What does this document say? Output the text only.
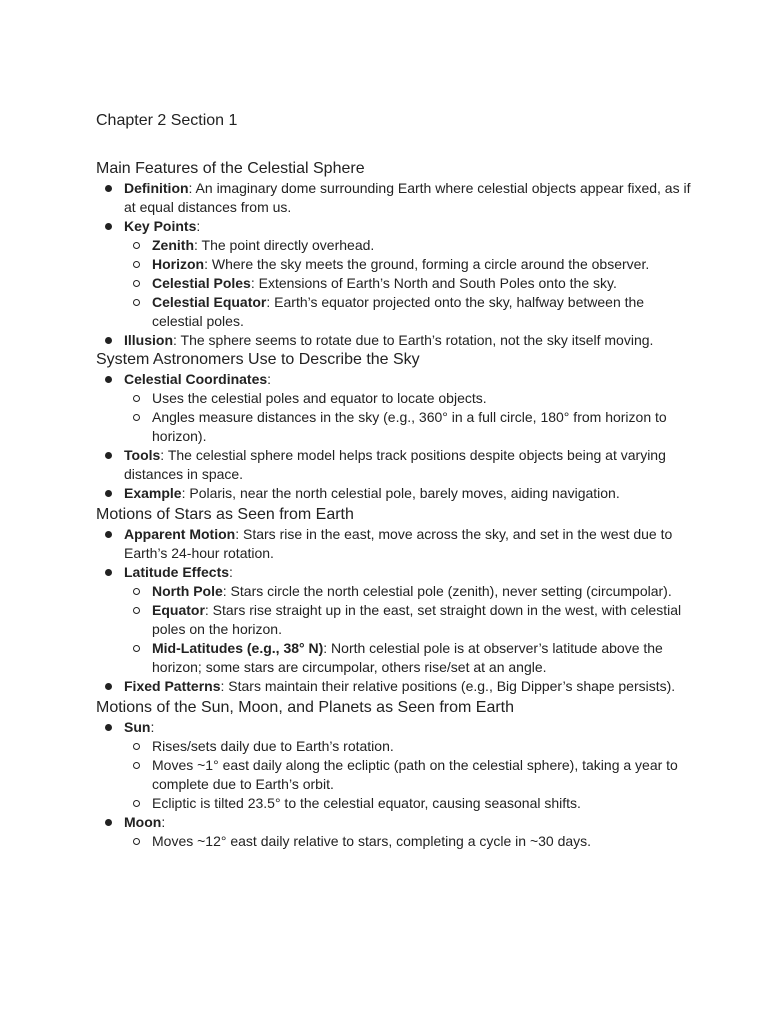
Chapter 2 Section 1
Main Features of the Celestial Sphere
Definition: An imaginary dome surrounding Earth where celestial objects appear fixed, as if at equal distances from us.
Key Points:
Zenith: The point directly overhead.
Horizon: Where the sky meets the ground, forming a circle around the observer.
Celestial Poles: Extensions of Earth’s North and South Poles onto the sky.
Celestial Equator: Earth’s equator projected onto the sky, halfway between the celestial poles.
Illusion: The sphere seems to rotate due to Earth’s rotation, not the sky itself moving.
System Astronomers Use to Describe the Sky
Celestial Coordinates:
Uses the celestial poles and equator to locate objects.
Angles measure distances in the sky (e.g., 360° in a full circle, 180° from horizon to horizon).
Tools: The celestial sphere model helps track positions despite objects being at varying distances in space.
Example: Polaris, near the north celestial pole, barely moves, aiding navigation.
Motions of Stars as Seen from Earth
Apparent Motion: Stars rise in the east, move across the sky, and set in the west due to Earth’s 24-hour rotation.
Latitude Effects:
North Pole: Stars circle the north celestial pole (zenith), never setting (circumpolar).
Equator: Stars rise straight up in the east, set straight down in the west, with celestial poles on the horizon.
Mid-Latitudes (e.g., 38° N): North celestial pole is at observer’s latitude above the horizon; some stars are circumpolar, others rise/set at an angle.
Fixed Patterns: Stars maintain their relative positions (e.g., Big Dipper’s shape persists).
Motions of the Sun, Moon, and Planets as Seen from Earth
Sun:
Rises/sets daily due to Earth’s rotation.
Moves ~1° east daily along the ecliptic (path on the celestial sphere), taking a year to complete due to Earth’s orbit.
Ecliptic is tilted 23.5° to the celestial equator, causing seasonal shifts.
Moon:
Moves ~12° east daily relative to stars, completing a cycle in ~30 days.
